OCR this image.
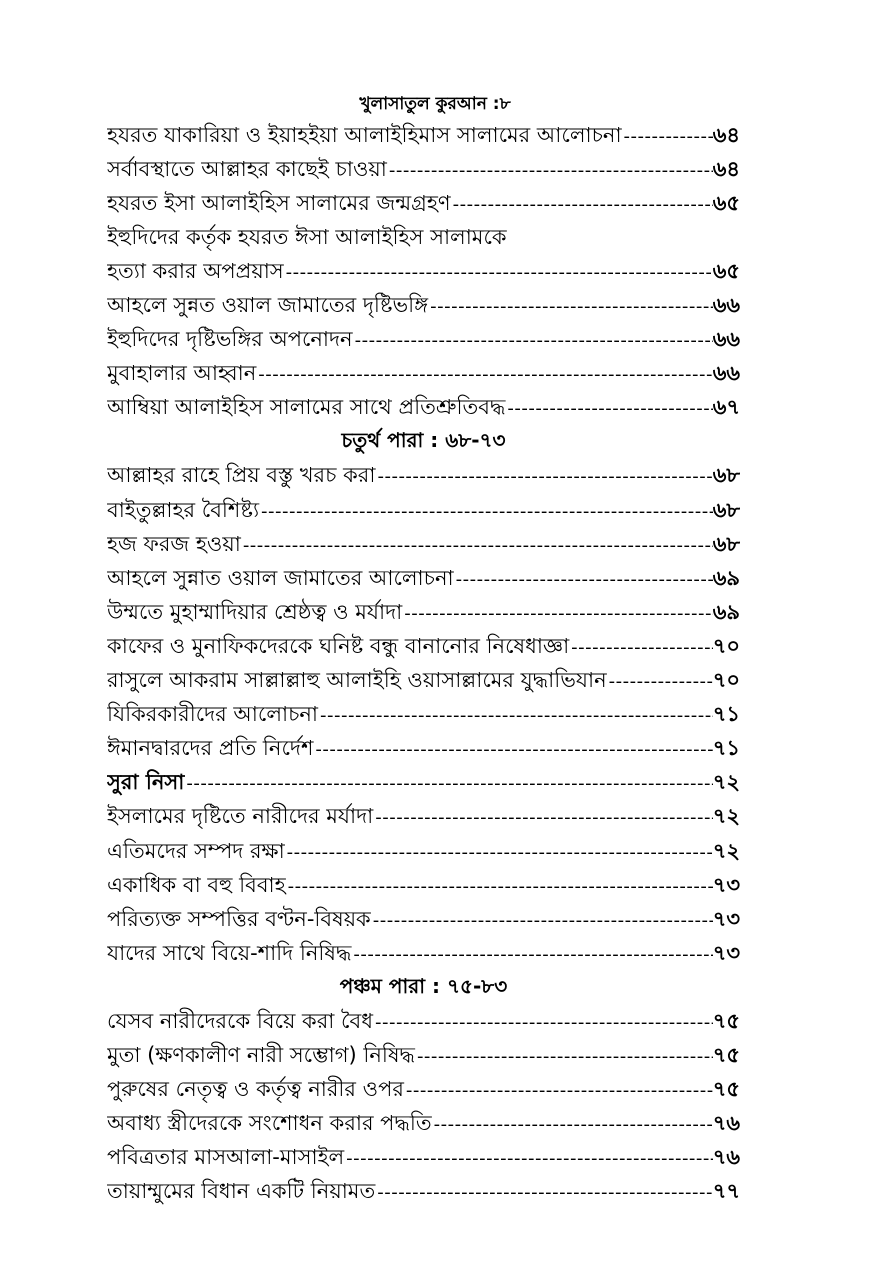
খুলাসাতুল কুরআন :৮
হযরত যাকারিয়া ও ইয়াহইয়া আলাইহিমাস সালামের আলোচনা -----	৬৪
সর্বাবস্থাতে আল্লাহর কাছেই চাওয়া -----	৬৪
হযরত ইসা আলাইহিস সালামের জন্মগ্রহণ -----	৬৫
ইহুদিদের কর্তৃক হযরত ঈসা আলাইহিস সালামকে
হত্যা করার অপপ্রয়াস -----	৬৫
আহলে সুন্নত ওয়াল জামাতের দৃষ্টিভঙ্গি -----	৬৬
ইহুদিদের দৃষ্টিভঙ্গির অপনোদন -----	৬৬
মুবাহালার আহ্বান -----	৬৬
আম্বিয়া আলাইহিস সালামের সাথে প্রতিশ্রুতিবদ্ধ -----	৬৭
চতুর্থ পারা : ৬৮-৭৩
আল্লাহর রাহে প্রিয় বস্তু খরচ করা -----	৬৮
বাইতুল্লাহর বৈশিষ্ট্য -----	৬৮
হজ ফরজ হওয়া -----	৬৮
আহলে সুন্নাত ওয়াল জামাতের আলোচনা -----	৬৯
উম্মতে মুহাম্মাদিয়ার শ্রেষ্ঠত্ব ও মর্যাদা -----	৬৯
কাফের ও মুনাফিকদেরকে ঘনিষ্ট বন্ধু বানানোর নিষেধাজ্ঞা -----	৭০
রাসুলে আকরাম সাল্লাল্লাহু আলাইহি ওয়াসাল্লামের যুদ্ধাভিযান -----	৭০
যিকিরকারীদের আলোচনা -----	৭১
ঈমানদ্বারদের প্রতি নির্দেশ -----	৭১
সুরা নিসা -----	৭২
ইসলামের দৃষ্টিতে নারীদের মর্যাদা -----	৭২
এতিমদের সম্পদ রক্ষা -----	৭২
একাধিক বা বহু বিবাহ -----	৭৩
পরিত্যক্ত সম্পত্তির বণ্টন-বিষয়ক -----	৭৩
যাদের সাথে বিয়ে-শাদি নিষিদ্ধ -----	৭৩
পঞ্চম পারা : ৭৫-৮৩
যেসব নারীদেরকে বিয়ে করা বৈধ -----	৭৫
মুতা (ক্ষণকালীণ নারী সম্ভোগ) নিষিদ্ধ -----	৭৫
পুরুষের নেতৃত্ব ও কর্তৃত্ব নারীর ওপর -----	৭৫
অবাধ্য স্ত্রীদেরকে সংশোধন করার পদ্ধতি -----	৭৬
পবিত্রতার মাসআলা-মাসাইল -----	৭৬
তায়াম্মুমের বিধান একটি নিয়ামত -----	৭৭
